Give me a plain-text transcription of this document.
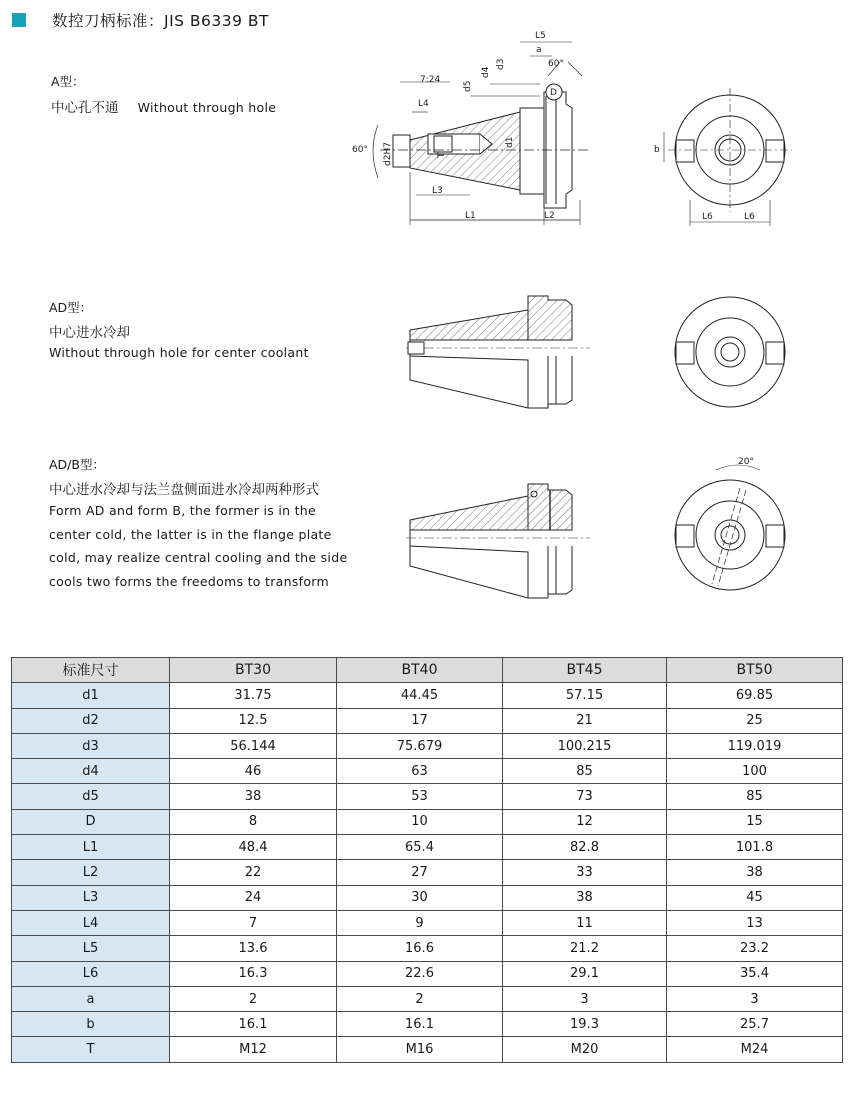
数控刀柄标准：JIS B6339 BT
A型：
中心孔不通 Without through hole
AD型：
中心进水冷却
Without through hole for center coolant
AD/B型：
中心进水冷却与法兰盘侧面进水冷却两种形式
Form AD and form B, the former is in the
center cold, the latter is in the flange plate
cold, may realize central cooling and the side
cools two forms the freedoms to transform
7:24
60°
60°
L4
L3
L1	L2
L5
a
D
d1
d2H7
d3
d4
d5
T
L6	L6
b
20°
标准尺寸	BT30	BT40	BT45	BT50
d1	31.75	44.45	57.15	69.85
d2	12.5	17	21	25
d3	56.144	75.679	100.215	119.019
d4	46	63	85	100
d5	38	53	73	85
D	8	10	12	15
L1	48.4	65.4	82.8	101.8
L2	22	27	33	38
L3	24	30	38	45
L4	7	9	11	13
L5	13.6	16.6	21.2	23.2
L6	16.3	22.6	29.1	35.4
a	2	2	3	3
b	16.1	16.1	19.3	25.7
T	M12	M16	M20	M24
